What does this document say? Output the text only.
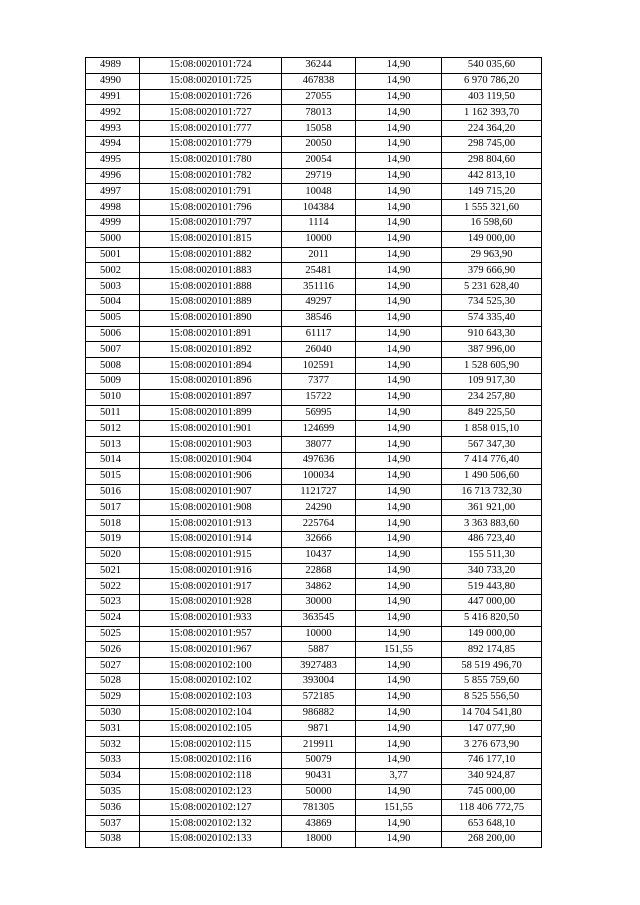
4989	15:08:0020101:724	36244	14,90	540 035,60
4990	15:08:0020101:725	467838	14,90	6 970 786,20
4991	15:08:0020101:726	27055	14,90	403 119,50
4992	15:08:0020101:727	78013	14,90	1 162 393,70
4993	15:08:0020101:777	15058	14,90	224 364,20
4994	15:08:0020101:779	20050	14,90	298 745,00
4995	15:08:0020101:780	20054	14,90	298 804,60
4996	15:08:0020101:782	29719	14,90	442 813,10
4997	15:08:0020101:791	10048	14,90	149 715,20
4998	15:08:0020101:796	104384	14,90	1 555 321,60
4999	15:08:0020101:797	1114	14,90	16 598,60
5000	15:08:0020101:815	10000	14,90	149 000,00
5001	15:08:0020101:882	2011	14,90	29 963,90
5002	15:08:0020101:883	25481	14,90	379 666,90
5003	15:08:0020101:888	351116	14,90	5 231 628,40
5004	15:08:0020101:889	49297	14,90	734 525,30
5005	15:08:0020101:890	38546	14,90	574 335,40
5006	15:08:0020101:891	61117	14,90	910 643,30
5007	15:08:0020101:892	26040	14,90	387 996,00
5008	15:08:0020101:894	102591	14,90	1 528 605,90
5009	15:08:0020101:896	7377	14,90	109 917,30
5010	15:08:0020101:897	15722	14,90	234 257,80
5011	15:08:0020101:899	56995	14,90	849 225,50
5012	15:08:0020101:901	124699	14,90	1 858 015,10
5013	15:08:0020101:903	38077	14,90	567 347,30
5014	15:08:0020101:904	497636	14,90	7 414 776,40
5015	15:08:0020101:906	100034	14,90	1 490 506,60
5016	15:08:0020101:907	1121727	14,90	16 713 732,30
5017	15:08:0020101:908	24290	14,90	361 921,00
5018	15:08:0020101:913	225764	14,90	3 363 883,60
5019	15:08:0020101:914	32666	14,90	486 723,40
5020	15:08:0020101:915	10437	14,90	155 511,30
5021	15:08:0020101:916	22868	14,90	340 733,20
5022	15:08:0020101:917	34862	14,90	519 443,80
5023	15:08:0020101:928	30000	14,90	447 000,00
5024	15:08:0020101:933	363545	14,90	5 416 820,50
5025	15:08:0020101:957	10000	14,90	149 000,00
5026	15:08:0020101:967	5887	151,55	892 174,85
5027	15:08:0020102:100	3927483	14,90	58 519 496,70
5028	15:08:0020102:102	393004	14,90	5 855 759,60
5029	15:08:0020102:103	572185	14,90	8 525 556,50
5030	15:08:0020102:104	986882	14,90	14 704 541,80
5031	15:08:0020102:105	9871	14,90	147 077,90
5032	15:08:0020102:115	219911	14,90	3 276 673,90
5033	15:08:0020102:116	50079	14,90	746 177,10
5034	15:08:0020102:118	90431	3,77	340 924,87
5035	15:08:0020102:123	50000	14,90	745 000,00
5036	15:08:0020102:127	781305	151,55	118 406 772,75
5037	15:08:0020102:132	43869	14,90	653 648,10
5038	15:08:0020102:133	18000	14,90	268 200,00
